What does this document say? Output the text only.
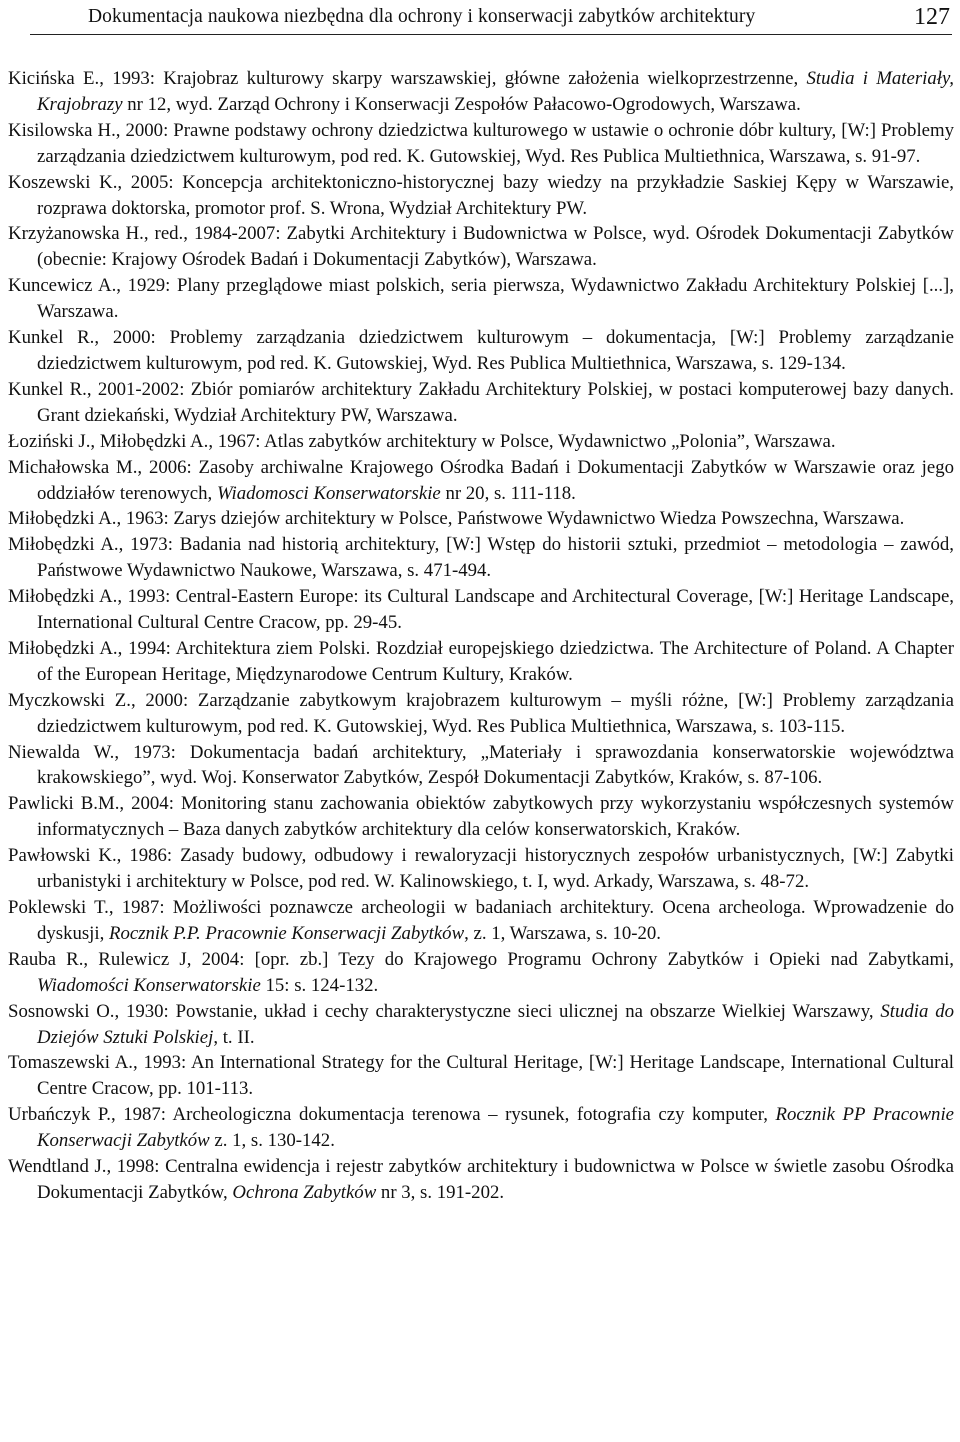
Dokumentacja naukowa niezbędna dla ochrony i konserwacji zabytków architektury	127

Kicińska E., 1993: Krajobraz kulturowy skarpy warszawskiej, główne założenia wielkoprzestrzenne, Studia i Materiały, Krajobrazy nr 12, wyd. Zarząd Ochrony i Konserwacji Zespołów Pałacowo-Ogrodowych, Warszawa.

Kisilowska H., 2000: Prawne podstawy ochrony dziedzictwa kulturowego w ustawie o ochronie dóbr kultury, [W:] Problemy zarządzania dziedzictwem kulturowym, pod red. K. Gutowskiej, Wyd. Res Publica Multiethnica, Warszawa, s. 91-97.

Koszewski K., 2005: Koncepcja architektoniczno-historycznej bazy wiedzy na przykładzie Saskiej Kępy w Warszawie, rozprawa doktorska, promotor prof. S. Wrona, Wydział Architektury PW.

Krzyżanowska H., red., 1984-2007: Zabytki Architektury i Budownictwa w Polsce, wyd. Ośrodek Dokumentacji Zabytków (obecnie: Krajowy Ośrodek Badań i Dokumentacji Zabytków), Warszawa.

Kuncewicz A., 1929: Plany przeglądowe miast polskich, seria pierwsza, Wydawnictwo Zakładu Architektury Polskiej [...], Warszawa.

Kunkel R., 2000: Problemy zarządzania dziedzictwem kulturowym – dokumentacja, [W:] Problemy zarządzanie dziedzictwem kulturowym, pod red. K. Gutowskiej, Wyd. Res Publica Multiethnica, Warszawa, s. 129-134.

Kunkel R., 2001-2002: Zbiór pomiarów architektury Zakładu Architektury Polskiej, w postaci komputerowej bazy danych. Grant dziekański, Wydział Architektury PW, Warszawa.

Łoziński J., Miłobędzki A., 1967: Atlas zabytków architektury w Polsce, Wydawnictwo „Polonia”, Warszawa.

Michałowska M., 2006: Zasoby archiwalne Krajowego Ośrodka Badań i Dokumentacji Zabytków w Warszawie oraz jego oddziałów terenowych, Wiadomosci Konserwatorskie nr 20, s. 111-118.

Miłobędzki A., 1963: Zarys dziejów architektury w Polsce, Państwowe Wydawnictwo Wiedza Powszechna, Warszawa.

Miłobędzki A., 1973: Badania nad historią architektury, [W:] Wstęp do historii sztuki, przedmiot – metodologia – zawód, Państwowe Wydawnictwo Naukowe, Warszawa, s. 471-494.

Miłobędzki A., 1993: Central-Eastern Europe: its Cultural Landscape and Architectural Coverage, [W:] Heritage Landscape, International Cultural Centre Cracow, pp. 29-45.

Miłobędzki A., 1994: Architektura ziem Polski. Rozdział europejskiego dziedzictwa. The Architecture of Poland. A Chapter of the European Heritage, Międzynarodowe Centrum Kultury, Kraków.

Myczkowski Z., 2000: Zarządzanie zabytkowym krajobrazem kulturowym – myśli różne, [W:] Problemy zarządzania dziedzictwem kulturowym, pod red. K. Gutowskiej, Wyd. Res Publica Multiethnica, Warszawa, s. 103-115.

Niewalda W., 1973: Dokumentacja badań architektury, „Materiały i sprawozdania konserwatorskie województwa krakowskiego”, wyd. Woj. Konserwator Zabytków, Zespół Dokumentacji Zabytków, Kraków, s. 87-106.

Pawlicki B.M., 2004: Monitoring stanu zachowania obiektów zabytkowych przy wykorzystaniu współczesnych systemów informatycznych – Baza danych zabytków architektury dla celów konserwatorskich, Kraków.

Pawłowski K., 1986: Zasady budowy, odbudowy i rewaloryzacji historycznych zespołów urbanistycznych, [W:] Zabytki urbanistyki i architektury w Polsce, pod red. W. Kalinowskiego, t. I, wyd. Arkady, Warszawa, s. 48-72.

Poklewski T., 1987: Możliwości poznawcze archeologii w badaniach architektury. Ocena archeologa. Wprowadzenie do dyskusji, Rocznik P.P. Pracownie Konserwacji Zabytków, z. 1, Warszawa, s. 10-20.

Rauba R., Rulewicz J, 2004: [opr. zb.] Tezy do Krajowego Programu Ochrony Zabytków i Opieki nad Zabytkami, Wiadomości Konserwatorskie 15: s. 124-132.

Sosnowski O., 1930: Powstanie, układ i cechy charakterystyczne sieci ulicznej na obszarze Wielkiej Warszawy, Studia do Dziejów Sztuki Polskiej, t. II.

Tomaszewski A., 1993: An International Strategy for the Cultural Heritage, [W:] Heritage Landscape, International Cultural Centre Cracow, pp. 101-113.

Urbańczyk P., 1987: Archeologiczna dokumentacja terenowa – rysunek, fotografia czy komputer, Rocznik PP Pracownie Konserwacji Zabytków z. 1, s. 130-142.

Wendtland J., 1998: Centralna ewidencja i rejestr zabytków architektury i budownictwa w Polsce w świetle zasobu Ośrodka Dokumentacji Zabytków, Ochrona Zabytków nr 3, s. 191-202.
